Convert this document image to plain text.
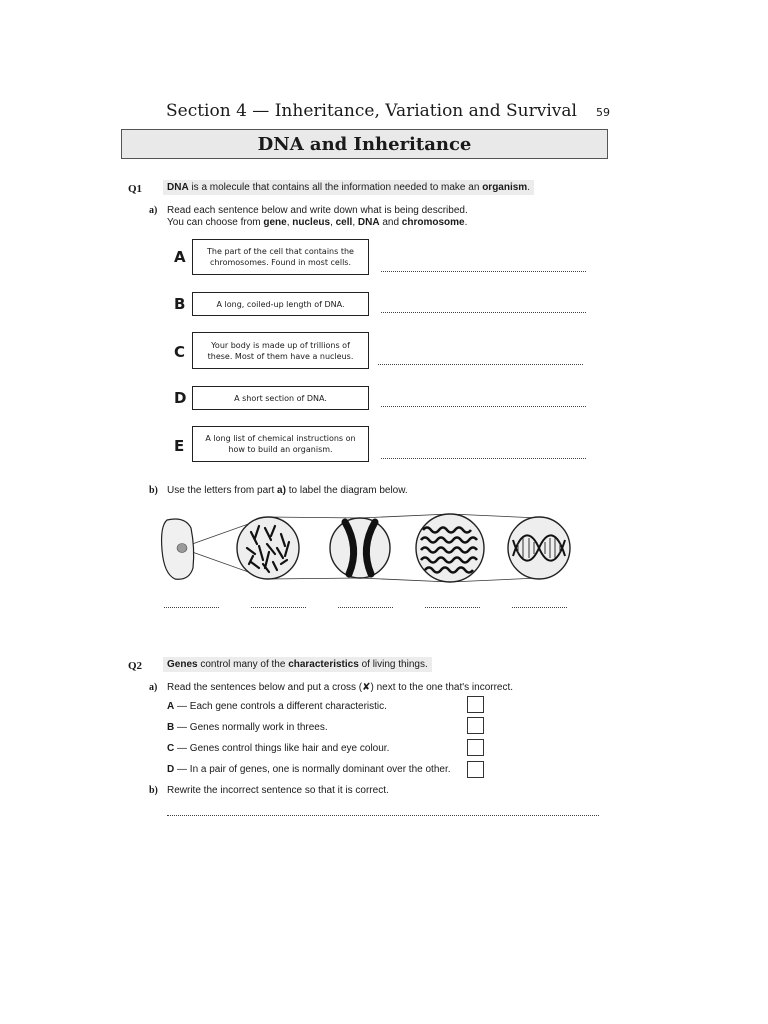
Section 4 — Inheritance, Variation and Survival 59
DNA and Inheritance
Q1	DNA is a molecule that contains all the information needed to make an organism.
a) Read each sentence below and write down what is being described.
You can choose from gene, nucleus, cell, DNA and chromosome.
A	The part of the cell that contains the chromosomes. Found in most cells.
B	A long, coiled-up length of DNA.
C	Your body is made up of trillions of these. Most of them have a nucleus.
D	A short section of DNA.
E	A long list of chemical instructions on how to build an organism.
b) Use the letters from part a) to label the diagram below.
Q2	Genes control many of the characteristics of living things.
a) Read the sentences below and put a cross (✘) next to the one that's incorrect.
A — Each gene controls a different characteristic.
B — Genes normally work in threes.
C — Genes control things like hair and eye colour.
D — In a pair of genes, one is normally dominant over the other.
b) Rewrite the incorrect sentence so that it is correct.
